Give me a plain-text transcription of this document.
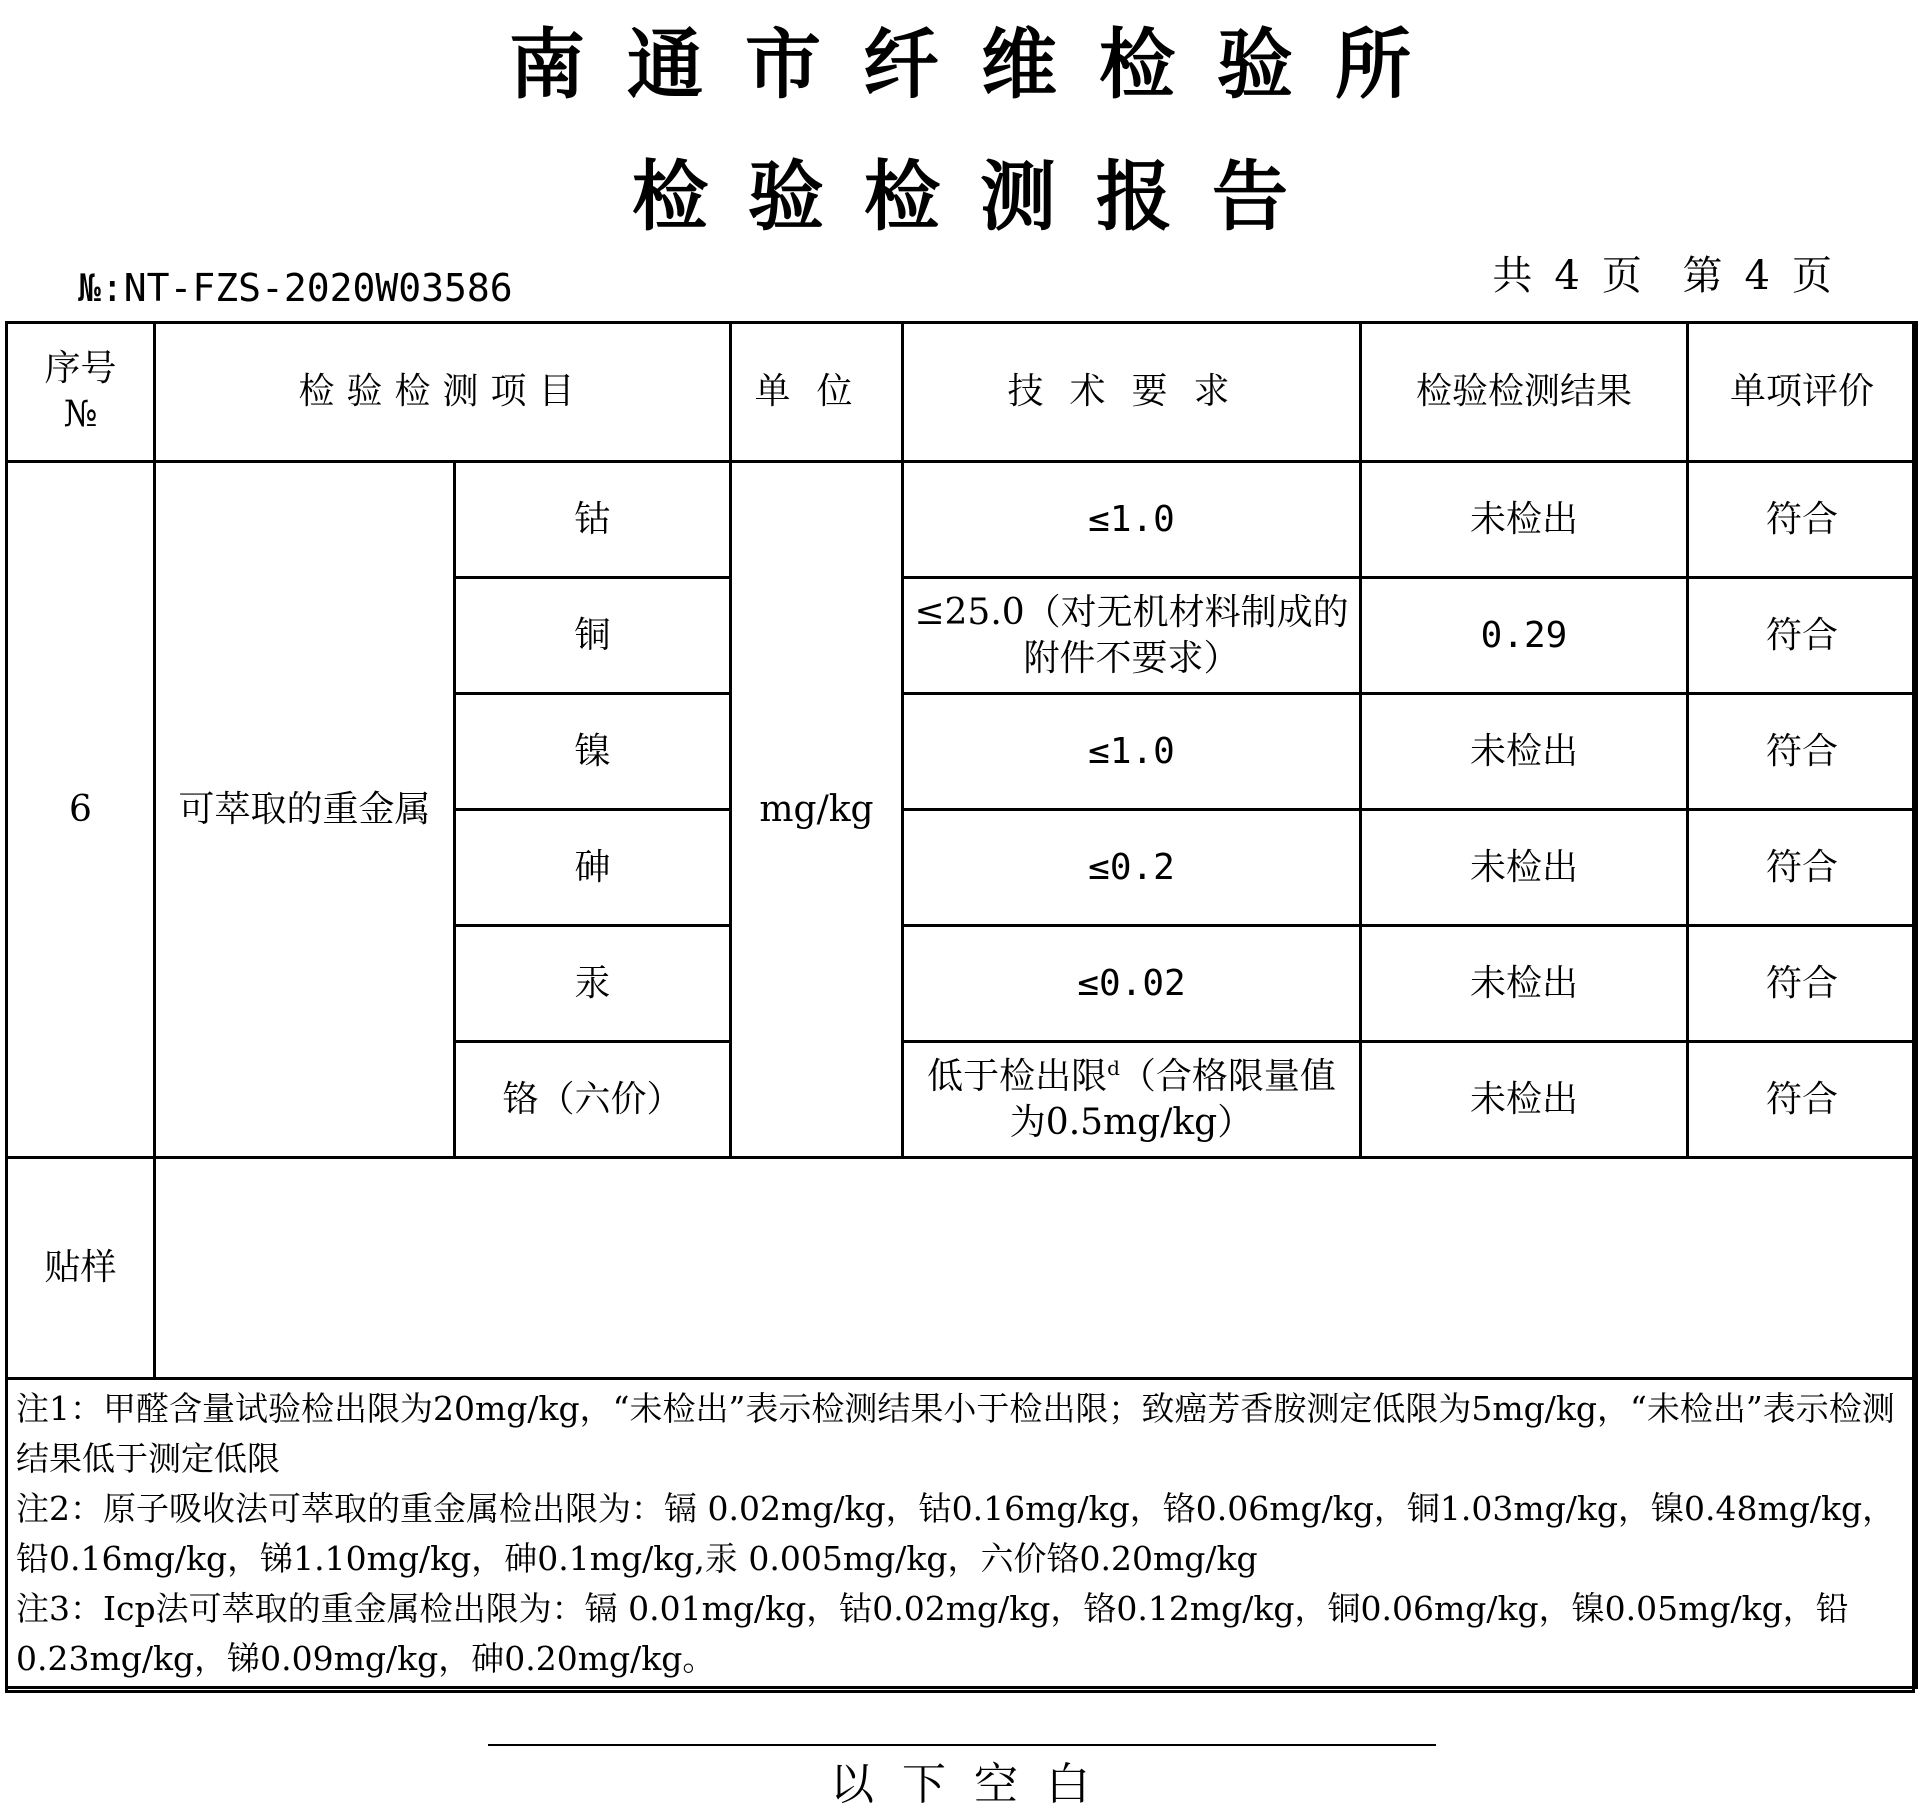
南通市纤维检验所
检验检测报告
№:NT-FZS-2020W03586	共 4 页 第 4 页
序号
№	检验检测项目		单位	技术要求	检验检测结果	单项评价
6	可萃取的重金属	钴	mg/kg	≤1.0	未检出	符合
		铜		≤25.0（对无机材料制成的附件不要求）	0.29	符合
		镍		≤1.0	未检出	符合
		砷		≤0.2	未检出	符合
		汞		≤0.02	未检出	符合
		铬（六价）		低于检出限$^d$（合格限量值为0.5mg/kg）	未检出	符合
贴样						

注1：甲醛含量试验检出限为20mg/kg，“未检出”表示检测结果小于检出限；致癌芳香胺测定低限为5mg/kg，“未检出”表示检测结果低于测定低限

注2：原子吸收法可萃取的重金属检出限为：镉 0.02mg/kg，钴0.16mg/kg，铬0.06mg/kg，铜1.03mg/kg，镍0.48mg/kg，铅0.16mg/kg，锑1.10mg/kg，砷0.1mg/kg,汞 0.005mg/kg，六价铬0.20mg/kg

注3：Icp法可萃取的重金属检出限为：镉 0.01mg/kg，钴0.02mg/kg，铬0.12mg/kg，铜0.06mg/kg，镍0.05mg/kg，铅0.23mg/kg，锑0.09mg/kg，砷0.20mg/kg。						

以下空白
